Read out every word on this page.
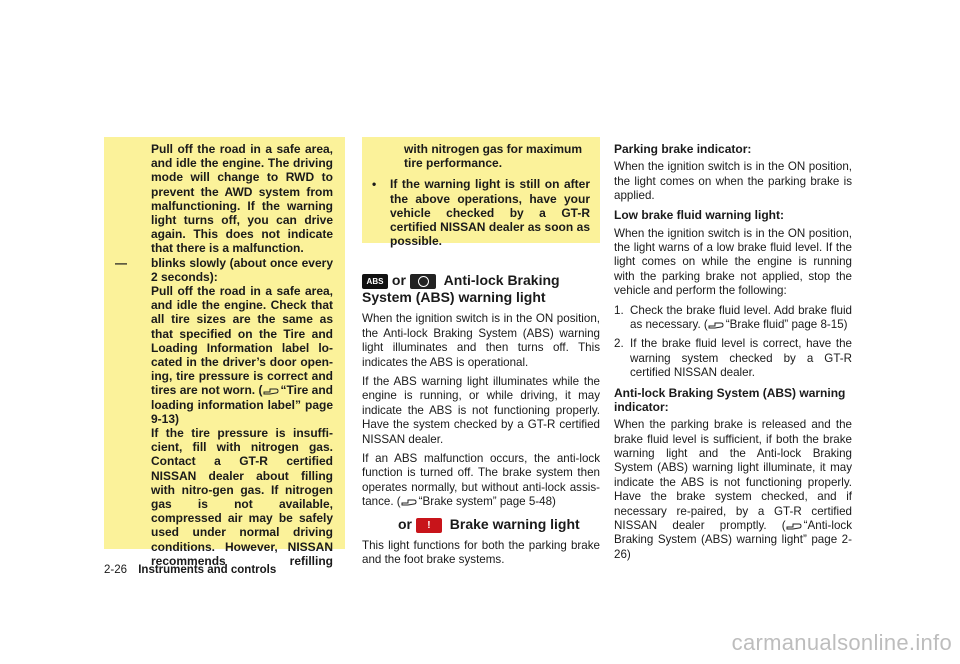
Pull off the road in a safe area, and idle the engine. The driving mode will change to RWD to prevent the AWD system from malfunctioning. If the warning light turns off, you can drive again. This does not indicate that there is a malfunction.

— blinks slowly (about once every 2 seconds):

Pull off the road in a safe area, and idle the engine. Check that all tire sizes are the same as that specified on the Tire and Loading Information label lo-cated in the driver’s door open-ing, tire pressure is correct and tires are not worn. ( “Tire and loading information label” page 9-13)

If the tire pressure is insuffi-cient, fill with nitrogen gas. Contact a GT-R certified NISSAN dealer about filling with nitro-gen gas. If nitrogen gas is not available, compressed air may be safely used under normal driving conditions. However, NISSAN recommends refilling

with nitrogen gas for maximum tire performance.

• If the warning light is still on after the above operations, have your vehicle checked by a GT-R certified NISSAN dealer as soon as possible.
ABS or	Anti-lock Braking
System (ABS) warning light

When the ignition switch is in the ON position, the Anti-lock Braking System (ABS) warning light illuminates and then turns off. This indicates the ABS is operational.

If the ABS warning light illuminates while the engine is running, or while driving, it may indicate the ABS is not functioning properly. Have the system checked by a GT-R certified NISSAN dealer.

If an ABS malfunction occurs, the anti-lock function is turned off. The brake system then operates normally, but without anti-lock assis-tance. ( “Brake system” page 5-48)

or !	Brake warning light

This light functions for both the parking brake and the foot brake systems.

Parking brake indicator:

When the ignition switch is in the ON position, the light comes on when the parking brake is applied.

Low brake fluid warning light:

When the ignition switch is in the ON position, the light warns of a low brake fluid level. If the light comes on while the engine is running with the parking brake not applied, stop the vehicle and perform the following:

1. Check the brake fluid level. Add brake fluid as necessary. ( “Brake fluid” page 8-15)
2. If the brake fluid level is correct, have the warning system checked by a GT-R certified NISSAN dealer.
Anti-lock Braking System (ABS) warning indicator:

When the parking brake is released and the brake fluid level is sufficient, if both the brake warning light and the Anti-lock Braking System (ABS) warning light illuminate, it may indicate the ABS is not functioning properly. Have the brake system checked, and if necessary re-paired, by a GT-R certified NISSAN dealer promptly. ( “Anti-lock Braking System (ABS) warning light” page 2-26)

2-26 Instruments and controls
carmanualsonline.info
